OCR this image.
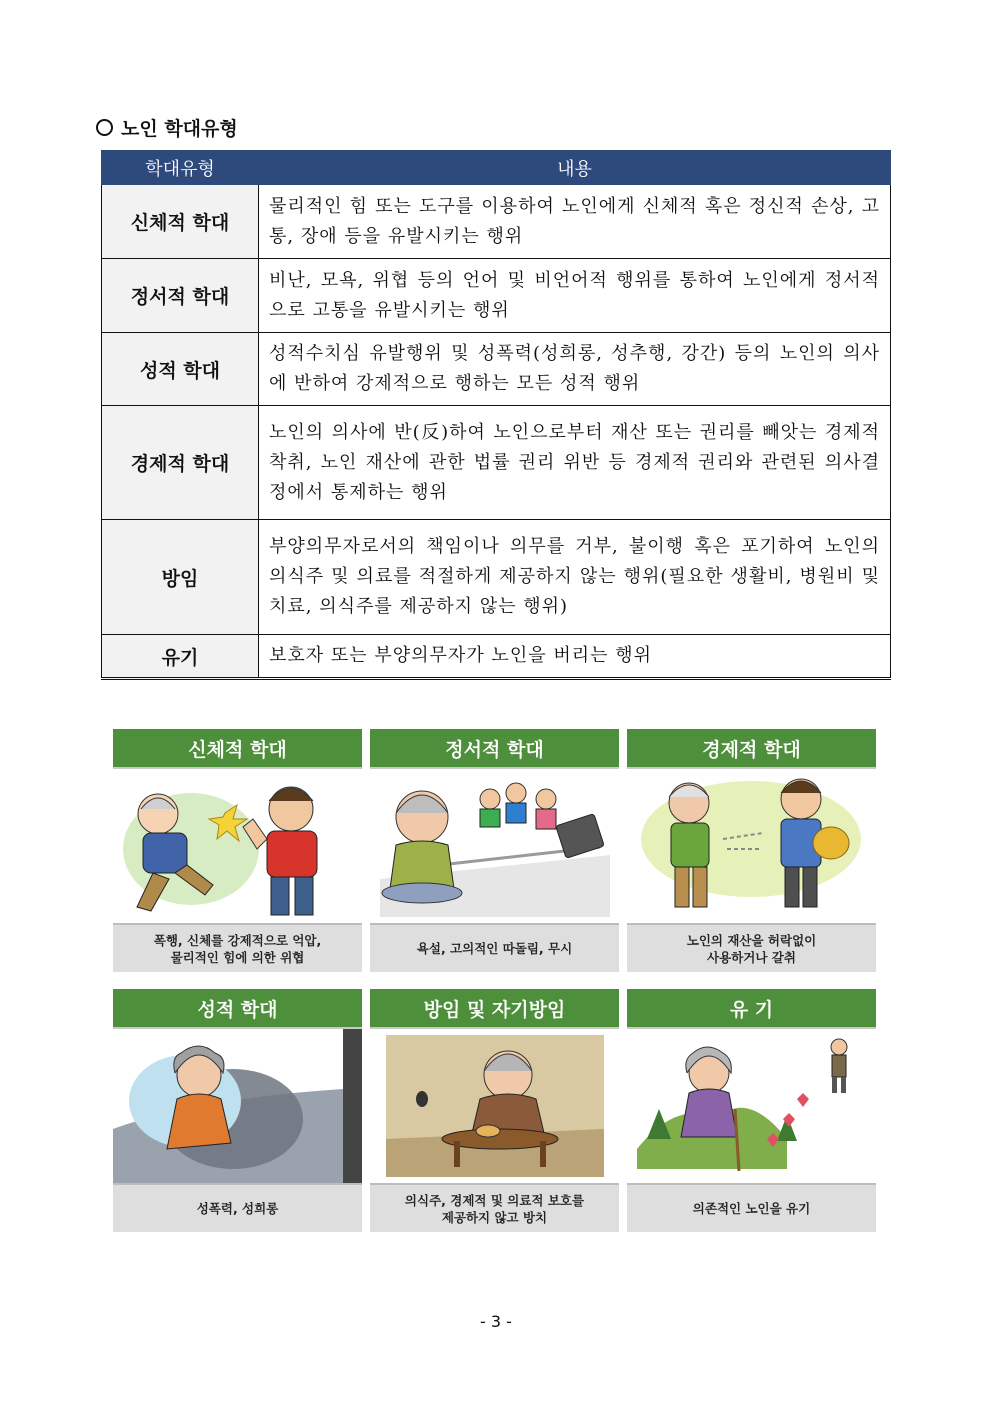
노인 학대유형
학대유형	내용
신체적 학대	물리적인 힘 또는 도구를 이용하여 노인에게 신체적 혹은 정신적 손상, 고통, 장애 등을 유발시키는 행위
정서적 학대	비난, 모욕, 위협 등의 언어 및 비언어적 행위를 통하여 노인에게 정서적으로 고통을 유발시키는 행위
성적 학대	성적수치심 유발행위 및 성폭력(성희롱, 성추행, 강간) 등의 노인의 의사에 반하여 강제적으로 행하는 모든 성적 행위
경제적 학대	노인의 의사에 반(反)하여 노인으로부터 재산 또는 권리를 빼앗는 경제적 착취, 노인 재산에 관한 법률 권리 위반 등 경제적 권리와 관련된 의사결정에서 통제하는 행위
방임	부양의무자로서의 책임이나 의무를 거부, 불이행 혹은 포기하여 노인의 의식주 및 의료를 적절하게 제공하지 않는 행위(필요한 생활비, 병원비 및 치료, 의식주를 제공하지 않는 행위)
유기	보호자 또는 부양의무자가 노인을 버리는 행위
신체적 학대
폭행, 신체를 강제적으로 억압,
물리적인 힘에 의한 위협
정서적 학대
욕설, 고의적인 따돌림, 무시
경제적 학대
노인의 재산을 허락없이
사용하거나 갈취
성적 학대
성폭력, 성희롱
방임 및 자기방임
의식주, 경제적 및 의료적 보호를
제공하지 않고 방치
유 기
의존적인 노인을 유기
- 3 -
